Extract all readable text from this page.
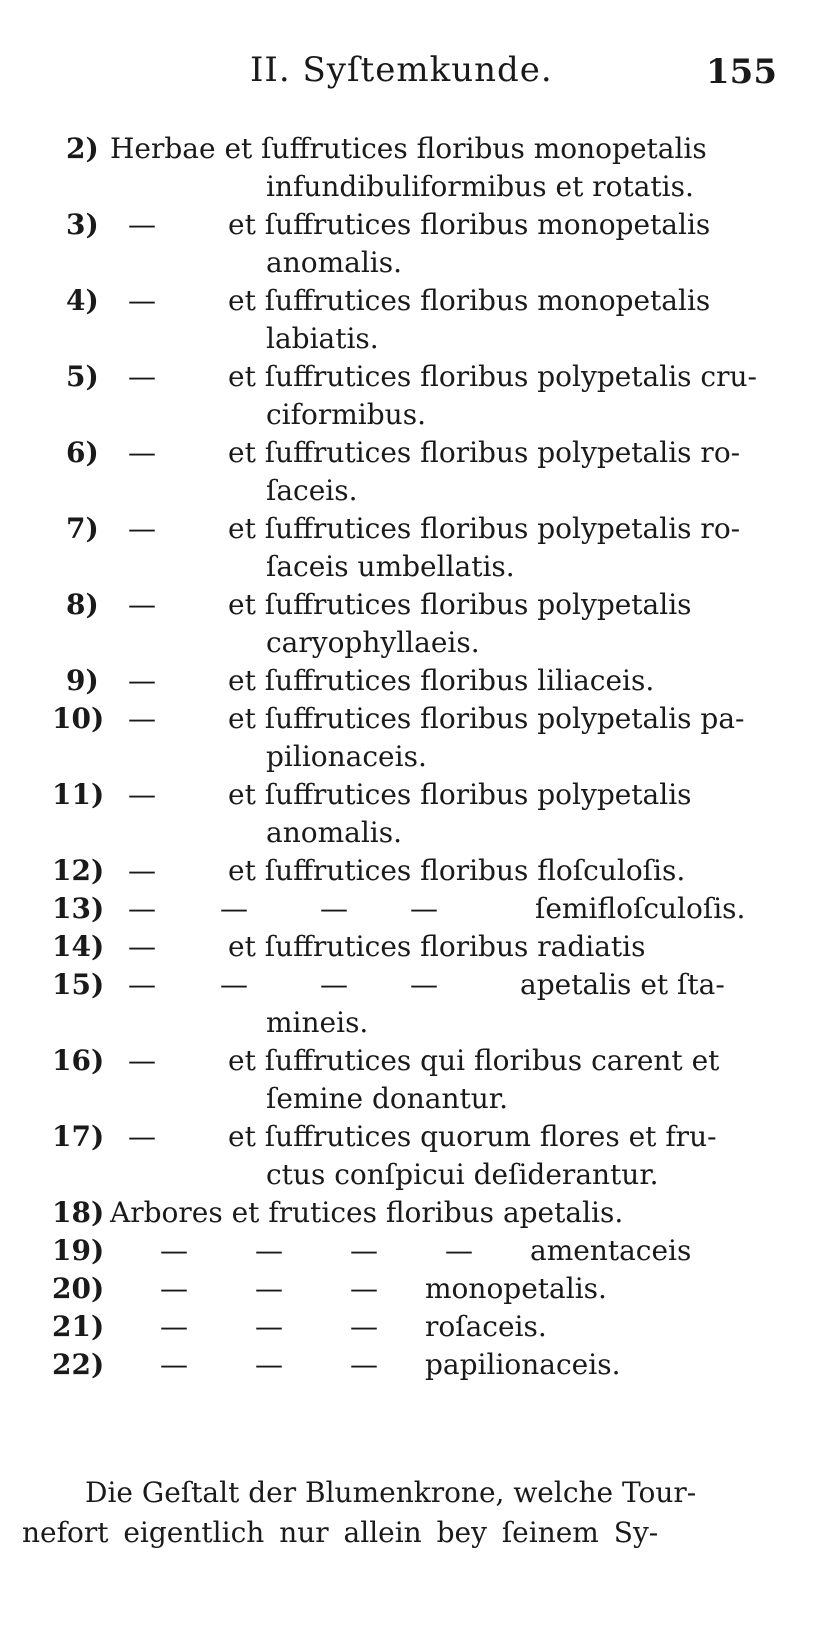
II. Syſtemkunde.	155
2) Herbae et ſuffrutices floribus monopetalis
infundibuliformibus et rotatis.
3) —	et ſuffrutices floribus monopetalis
anomalis.
4) —	et ſuffrutices floribus monopetalis
labiatis.
5) —	et ſuffrutices floribus polypetalis cru-
ciformibus.
6) —	et ſuffrutices floribus polypetalis ro-
ſaceis.
7) —	et ſuffrutices floribus polypetalis ro-
ſaceis umbellatis.
8) —	et ſuffrutices floribus polypetalis
caryophyllaeis.
9) —	et ſuffrutices floribus liliaceis.
10) —	et ſuffrutices floribus polypetalis pa-
pilionaceis.
11) —	et ſuffrutices floribus polypetalis
anomalis.
12) —	et ſuffrutices floribus floſculoſis.
13) — —	— —	ſemifloſculoſis.
14) —	et ſuffrutices floribus radiatis
15) — —	— —	apetalis et ſta-
mineis.
16) —	et ſuffrutices qui floribus carent et
ſemine donantur.
17) —	et ſuffrutices quorum flores et fru-
ctus conſpicui deſiderantur.
18) Arbores et frutices floribus apetalis.
19) — — — — amentaceis
20) — — — monopetalis.
21) — — — roſaceis.
22) — — — papilionaceis.
Die Geſtalt der Blumenkrone, welche Tour-
nefort eigentlich nur allein bey ſeinem Sy-
